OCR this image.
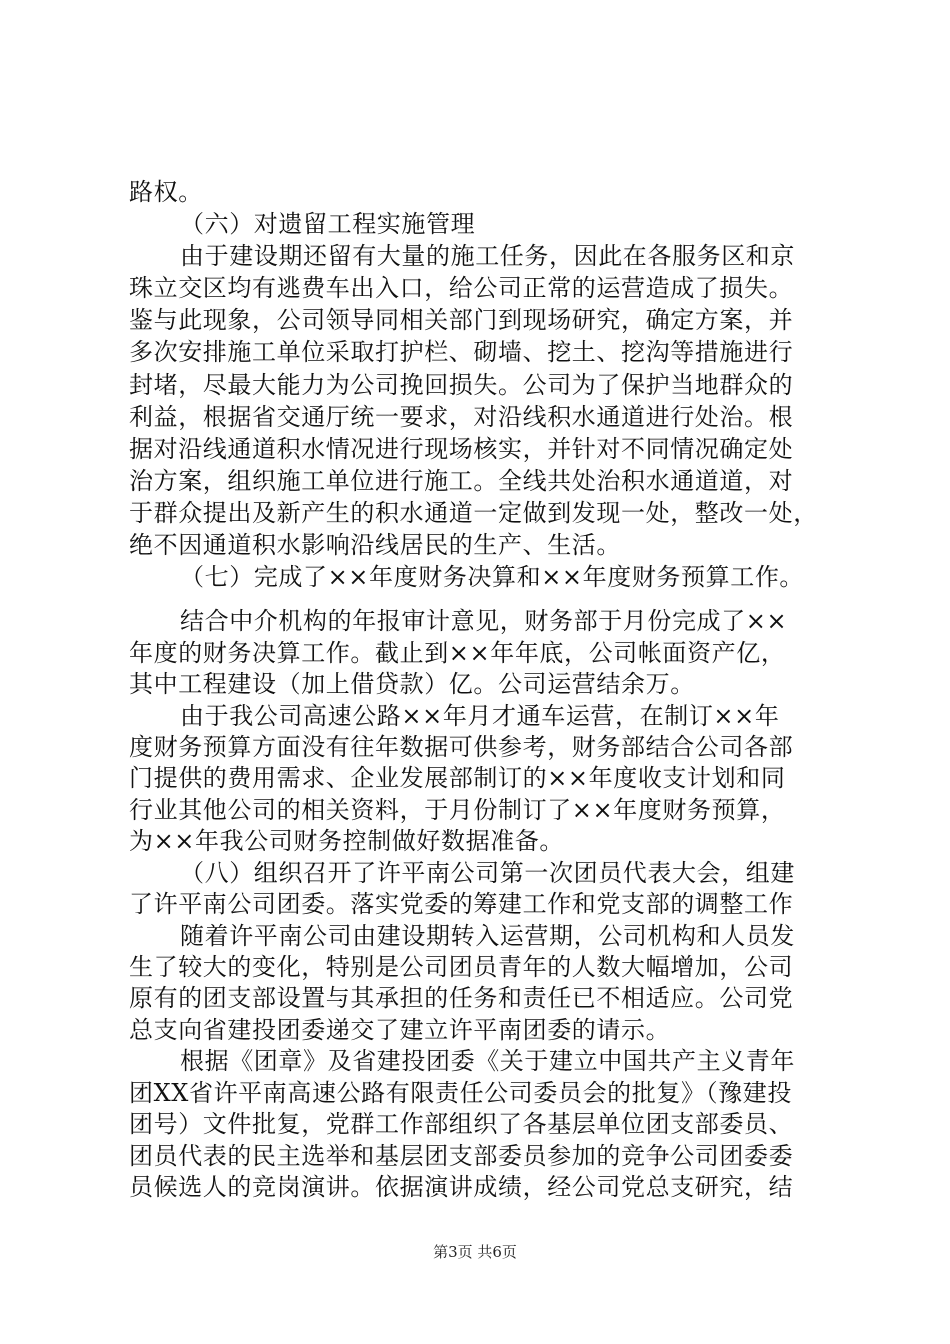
路权。
（六）对遗留工程实施管理
由于建设期还留有大量的施工任务，因此在各服务区和京
珠立交区均有逃费车出入口，给公司正常的运营造成了损失。
鉴与此现象，公司领导同相关部门到现场研究，确定方案，并
多次安排施工单位采取打护栏、砌墙、挖土、挖沟等措施进行
封堵，尽最大能力为公司挽回损失。公司为了保护当地群众的
利益，根据省交通厅统一要求，对沿线积水通道进行处治。根
据对沿线通道积水情况进行现场核实，并针对不同情况确定处
治方案，组织施工单位进行施工。全线共处治积水通道道，对
于群众提出及新产生的积水通道一定做到发现一处，整改一处，
绝不因通道积水影响沿线居民的生产、生活。
（七）完成了××年度财务决算和××年度财务预算工作。
结合中介机构的年报审计意见，财务部于月份完成了××
年度的财务决算工作。截止到××年年底，公司帐面资产亿，
其中工程建设（加上借贷款）亿。公司运营结余万。
由于我公司高速公路××年月才通车运营，在制订××年
度财务预算方面没有往年数据可供参考，财务部结合公司各部
门提供的费用需求、企业发展部制订的××年度收支计划和同
行业其他公司的相关资料，于月份制订了××年度财务预算，
为××年我公司财务控制做好数据准备。
（八）组织召开了许平南公司第一次团员代表大会，组建
了许平南公司团委。落实党委的筹建工作和党支部的调整工作
随着许平南公司由建设期转入运营期，公司机构和人员发
生了较大的变化，特别是公司团员青年的人数大幅增加，公司
原有的团支部设置与其承担的任务和责任已不相适应。公司党
总支向省建投团委递交了建立许平南团委的请示。
根据《团章》及省建投团委《关于建立中国共产主义青年
团XX省许平南高速公路有限责任公司委员会的批复》（豫建投
团号）文件批复，党群工作部组织了各基层单位团支部委员、
团员代表的民主选举和基层团支部委员参加的竞争公司团委委
员候选人的竞岗演讲。依据演讲成绩，经公司党总支研究，结
第3页 共6页
